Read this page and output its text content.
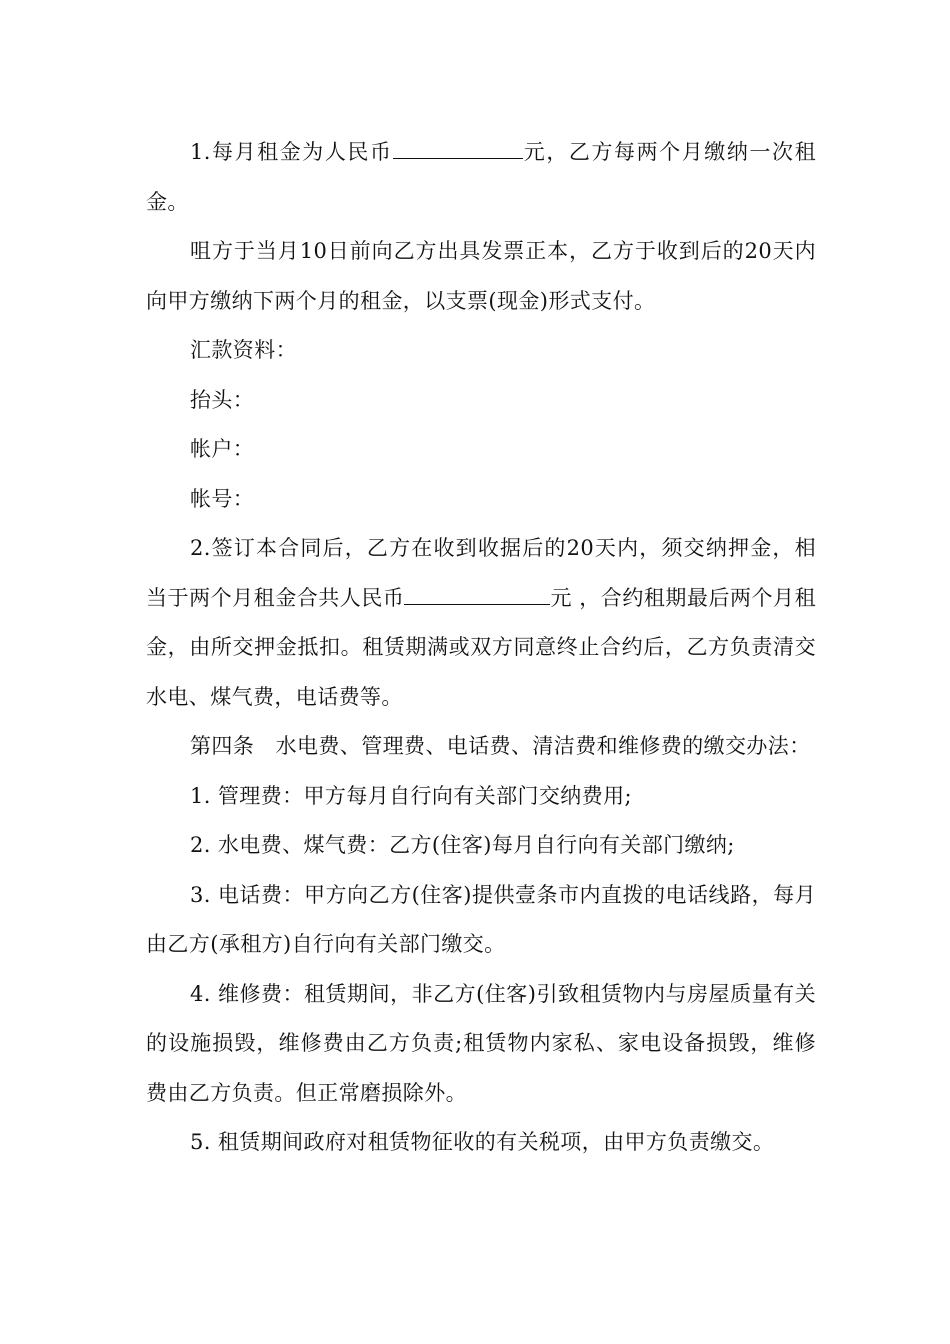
1.每月租金为人民币	元，乙方每两个月缴纳一次租金。

咀方于当月10日前向乙方出具发票正本，乙方于收到后的20天内向甲方缴纳下两个月的租金，以支票(现金)形式支付。

汇款资料：

抬头：

帐户：

帐号：

2.签订本合同后，乙方在收到收据后的20天内，须交纳押金，相当于两个月租金合共人民币	元 ，合约租期最后两个月租金，由所交押金抵扣。租赁期满或双方同意终止合约后，乙方负责清交水电、煤气费，电话费等。

第四条　水电费、管理费、电话费、清洁费和维修费的缴交办法：

1. 管理费：甲方每月自行向有关部门交纳费用;

2. 水电费、煤气费：乙方(住客)每月自行向有关部门缴纳;

3. 电话费：甲方向乙方(住客)提供壹条市内直拨的电话线路，每月由乙方(承租方)自行向有关部门缴交。

4. 维修费：租赁期间，非乙方(住客)引致租赁物内与房屋质量有关的设施损毁，维修费由乙方负责;租赁物内家私、家电设备损毁，维修费由乙方负责。但正常磨损除外。

5. 租赁期间政府对租赁物征收的有关税项，由甲方负责缴交。
